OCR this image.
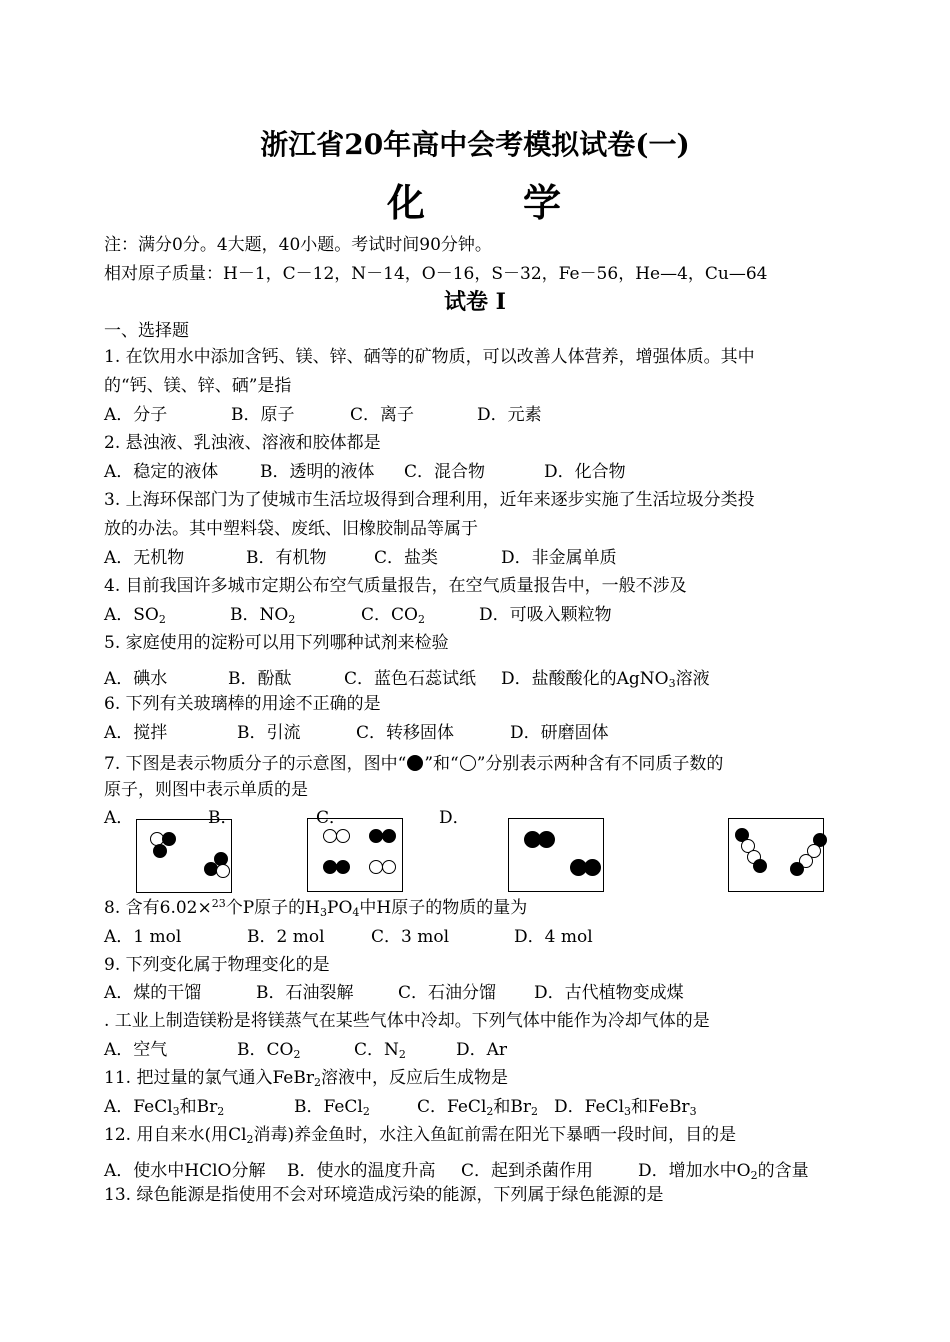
浙江省20年高中会考模拟试卷(一)
化	学
注：满分0分。4大题，40小题。考试时间90分钟。
相对原子质量：H－1，C－12，N－14，O－16，S－32，Fe－56，He—4，Cu—64
试卷 Ⅰ
一、选择题
1. 在饮用水中添加含钙、镁、锌、硒等的矿物质，可以改善人体营养，增强体质。其中
的“钙、镁、锌、硒”是指
A．分子	B．原子	C．离子	D．元素
2. 悬浊液、乳浊液、溶液和胶体都是
A．稳定的液体 B．透明的液体 C．混合物	D．化合物
3. 上海环保部门为了使城市生活垃圾得到合理利用，近年来逐步实施了生活垃圾分类投
放的办法。其中塑料袋、废纸、旧橡胶制品等属于
A．无机物	B．有机物	C．盐类	D．非金属单质
4. 目前我国许多城市定期公布空气质量报告，在空气质量报告中，一般不涉及
A．$SO_2$	B．$NO_2$	C．$CO_2$	D．可吸入颗粒物
5. 家庭使用的淀粉可以用下列哪种试剂来检验
A．碘水	B．酚酞	C．蓝色石蕊试纸 D．盐酸酸化的AgNO$_3$溶液
6. 下列有关玻璃棒的用途不正确的是
A．搅拌	B．引流	C．转移固体	D．研磨固体
7. 下图是表示物质分子的示意图，图中“ ”和“ ”分别表示两种含有不同质子数的
原子，则图中表示单质的是
A．	B．	C．	D．
8. 含有6.02×$^{23}$个P原子的$H_3PO_4$中H原子的物质的量为
A．1 mol	B．2 mol	C．3 mol	D．4 mol
9. 下列变化属于物理变化的是
A．煤的干馏	B．石油裂解	C．石油分馏 D．古代植物变成煤
. 工业上制造镁粉是将镁蒸气在某些气体中冷却。下列气体中能作为冷却气体的是
A．空气	B．$CO_2$	C．$N_2$	D．Ar
11. 把过量的氯气通入FeBr$_2$溶液中，反应后生成物是
A．FeCl$_3$和$Br_2$	B．FeCl$_2$	C．FeCl$_2$和$Br_2$ D．FeCl$_3$和FeBr$_3$
12. 用自来水(用$Cl_2$消毒)养金鱼时，水注入鱼缸前需在阳光下暴晒一段时间，目的是
A．使水中HClO分解 B．使水的温度升高 C．起到杀菌作用	D．增加水中$O_2$的含量
13. 绿色能源是指使用不会对环境造成污染的能源，下列属于绿色能源的是
